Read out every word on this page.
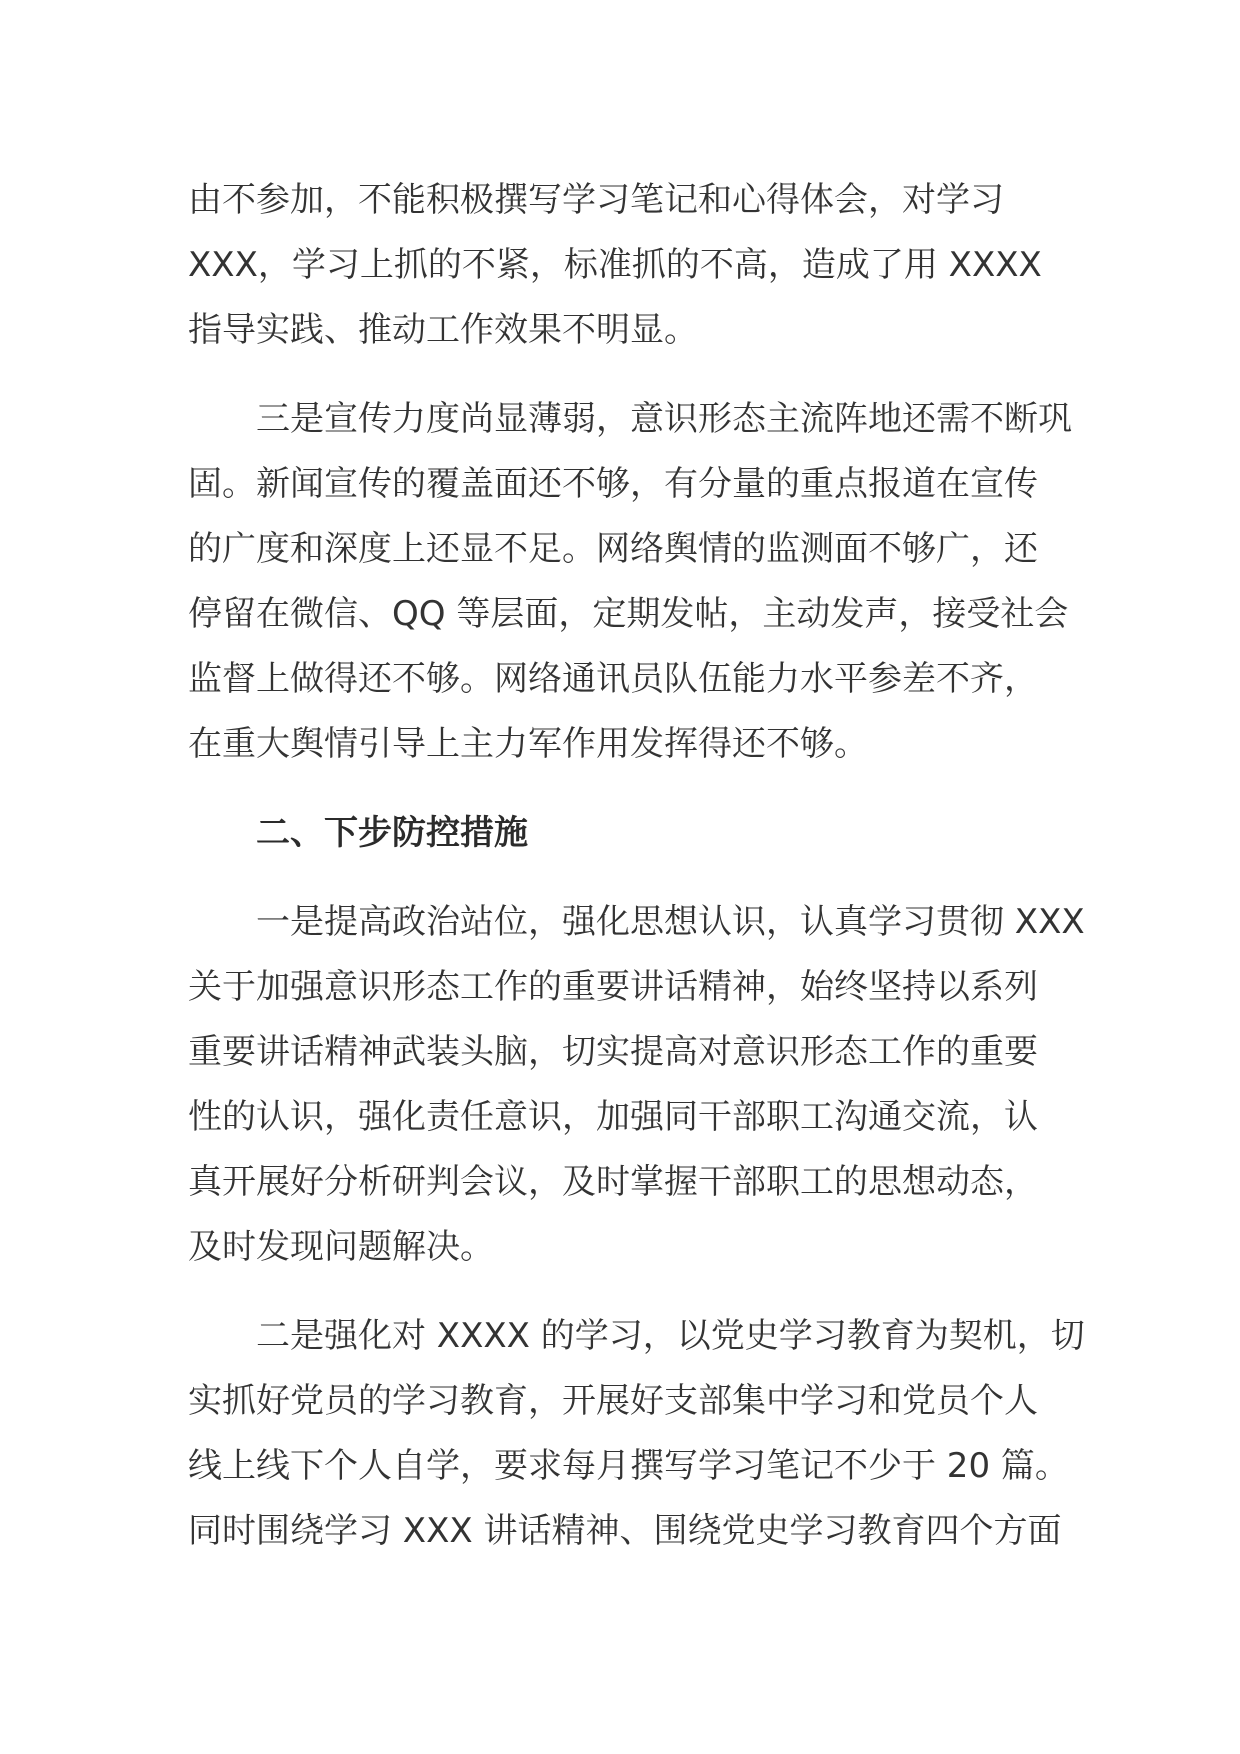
由不参加，不能积极撰写学习笔记和心得体会，对学习
XXX，学习上抓的不紧，标准抓的不高，造成了用 XXXX
指导实践、推动工作效果不明显。

三是宣传力度尚显薄弱，意识形态主流阵地还需不断巩
固。新闻宣传的覆盖面还不够，有分量的重点报道在宣传
的广度和深度上还显不足。网络舆情的监测面不够广，还
停留在微信、QQ 等层面，定期发帖，主动发声，接受社会
监督上做得还不够。网络通讯员队伍能力水平参差不齐，
在重大舆情引导上主力军作用发挥得还不够。

二、下步防控措施

一是提高政治站位，强化思想认识，认真学习贯彻 XXX
关于加强意识形态工作的重要讲话精神，始终坚持以系列
重要讲话精神武装头脑，切实提高对意识形态工作的重要
性的认识，强化责任意识，加强同干部职工沟通交流，认
真开展好分析研判会议，及时掌握干部职工的思想动态，
及时发现问题解决。

二是强化对 XXXX 的学习，以党史学习教育为契机，切
实抓好党员的学习教育，开展好支部集中学习和党员个人
线上线下个人自学，要求每月撰写学习笔记不少于 20 篇。
同时围绕学习 XXX 讲话精神、围绕党史学习教育四个方面
